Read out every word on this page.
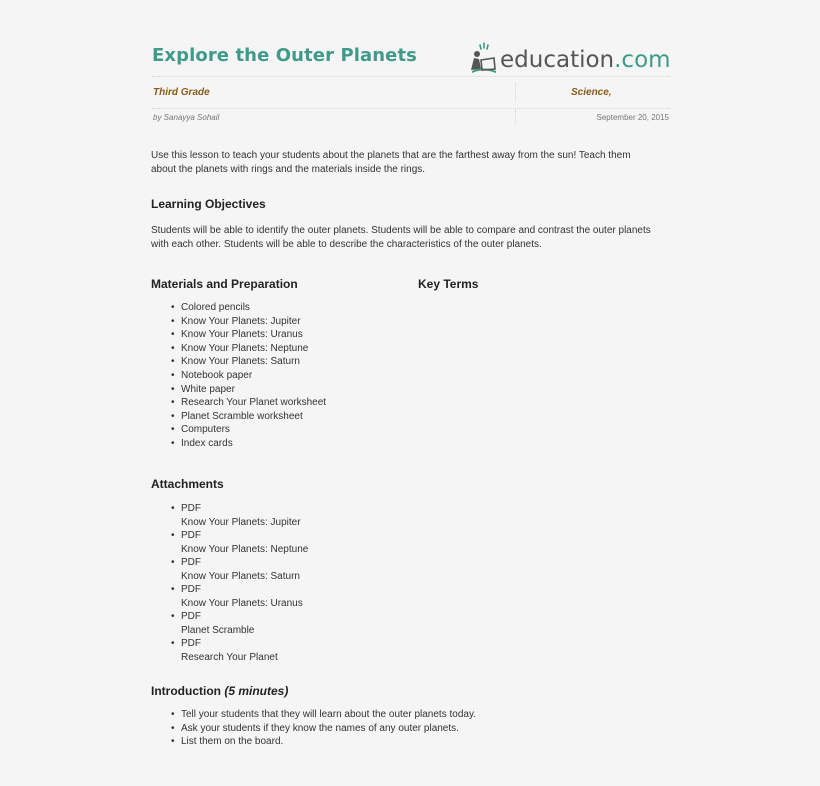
Explore the Outer Planets	education.com
Third Grade	Science,
by Sanayya Sohail	September 20, 2015
Use this lesson to teach your students about the planets that are the farthest away from the sun! Teach them about the planets with rings and the materials inside the rings.
Learning Objectives
Students will be able to identify the outer planets. Students will be able to compare and contrast the outer planets with each other. Students will be able to describe the characteristics of the outer planets.
Materials and Preparation	Key Terms
• Colored pencils
• Know Your Planets: Jupiter
• Know Your Planets: Uranus
• Know Your Planets: Neptune
• Know Your Planets: Saturn
• Notebook paper
• White paper
• Research Your Planet worksheet
• Planet Scramble worksheet
• Computers
• Index cards
Attachments
• PDF
Know Your Planets: Jupiter
• PDF
Know Your Planets: Neptune
• PDF
Know Your Planets: Saturn
• PDF
Know Your Planets: Uranus
• PDF
Planet Scramble
• PDF
Research Your Planet
Introduction (5 minutes)
• Tell your students that they will learn about the outer planets today.
• Ask your students if they know the names of any outer planets.
• List them on the board.
